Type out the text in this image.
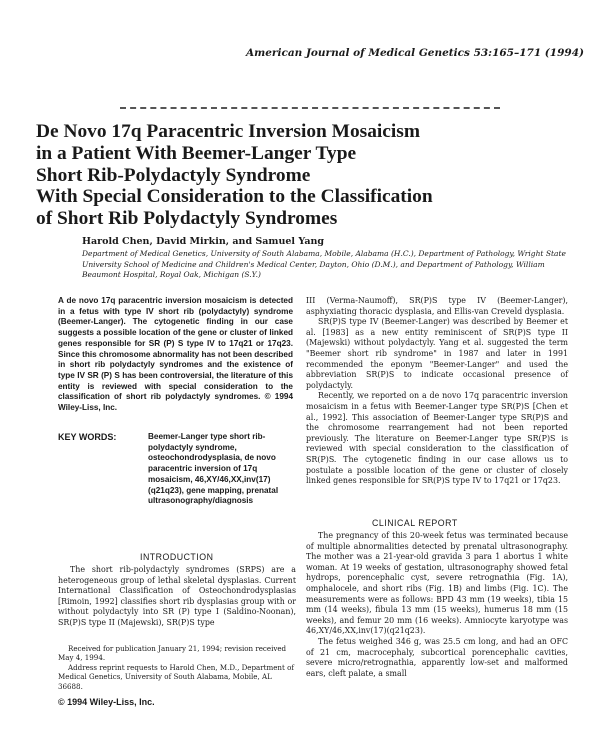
American Journal of Medical Genetics 53:165–171 (1994)
De Novo 17q Paracentric Inversion Mosaicism
in a Patient With Beemer-Langer Type
Short Rib-Polydactyly Syndrome
With Special Consideration to the Classification
of Short Rib Polydactyly Syndromes
Harold Chen, David Mirkin, and Samuel Yang
Department of Medical Genetics, University of South Alabama, Mobile, Alabama (H.C.), Department of Pathology, Wright State University School of Medicine and Children's Medical Center, Dayton, Ohio (D.M.), and Department of Pathology, William Beaumont Hospital, Royal Oak, Michigan (S.Y.)
A de novo 17q paracentric inversion mosaicism is detected in a fetus with type IV short rib (polydactyly) syndrome (Beemer-Langer). The cytogenetic finding in our case suggests a possible location of the gene or cluster of linked genes responsible for SR (P) S type IV to 17q21 or 17q23. Since this chromosome abnormality has not been described in short rib polydactyly syndromes and the existence of type IV SR (P) S has been controversial, the literature of this entity is reviewed with special consideration to the classification of short rib polydactyly syndromes. © 1994 Wiley-Liss, Inc.
KEY WORDS:	Beemer-Langer type short rib-polydactyly syndrome, osteochondrodysplasia, de novo paracentric inversion of 17q mosaicism, 46,XY/46,XX,inv(17)(q21q23), gene mapping, prenatal ultrasonography/diagnosis
INTRODUCTION

The short rib-polydactyly syndromes (SRPS) are a heterogeneous group of lethal skeletal dysplasias. Current International Classification of Osteochondrodysplasias [Rimoin, 1992] classifies short rib dysplasias group with or without polydactyly into SR (P) type I (Saldino-Noonan), SR(P)S type II (Majewski), SR(P)S type

Received for publication January 21, 1994; revision received May 4, 1994.

Address reprint requests to Harold Chen, M.D., Department of Medical Genetics, University of South Alabama, Mobile, AL 36688.

© 1994 Wiley-Liss, Inc.

III (Verma-Naumoff), SR(P)S type IV (Beemer-Langer), asphyxiating thoracic dysplasia, and Ellis-van Creveld dysplasia.

SR(P)S type IV (Beemer-Langer) was described by Beemer et al. [1983] as a new entity reminiscent of SR(P)S type II (Majewski) without polydactyly. Yang et al. suggested the term "Beemer short rib syndrome" in 1987 and later in 1991 recommended the eponym "Beemer-Langer" and used the abbreviation SR(P)S to indicate occasional presence of polydactyly.

Recently, we reported on a de novo 17q paracentric inversion mosaicism in a fetus with Beemer-Langer type SR(P)S [Chen et al., 1992]. This association of Beemer-Langer type SR(P)S and the chromosome rearrangement had not been reported previously. The literature on Beemer-Langer type SR(P)S is reviewed with special consideration to the classification of SR(P)S. The cytogenetic finding in our case allows us to postulate a possible location of the gene or cluster of closely linked genes responsible for SR(P)S type IV to 17q21 or 17q23.

CLINICAL REPORT

The pregnancy of this 20-week fetus was terminated because of multiple abnormalities detected by prenatal ultrasonography. The mother was a 21-year-old gravida 3 para 1 abortus 1 white woman. At 19 weeks of gestation, ultrasonography showed fetal hydrops, porencephalic cyst, severe retrognathia (Fig. 1A), omphalocele, and short ribs (Fig. 1B) and limbs (Fig. 1C). The measurements were as follows: BPD 43 mm (19 weeks), tibia 15 mm (14 weeks), fibula 13 mm (15 weeks), humerus 18 mm (15 weeks), and femur 20 mm (16 weeks). Amniocyte karyotype was 46,XY/46,XX,inv(17)(q21q23).

The fetus weighed 346 g, was 25.5 cm long, and had an OFC of 21 cm, macrocephaly, subcortical porencephalic cavities, severe micro/retrognathia, apparently low-set and malformed ears, cleft palate, a small
